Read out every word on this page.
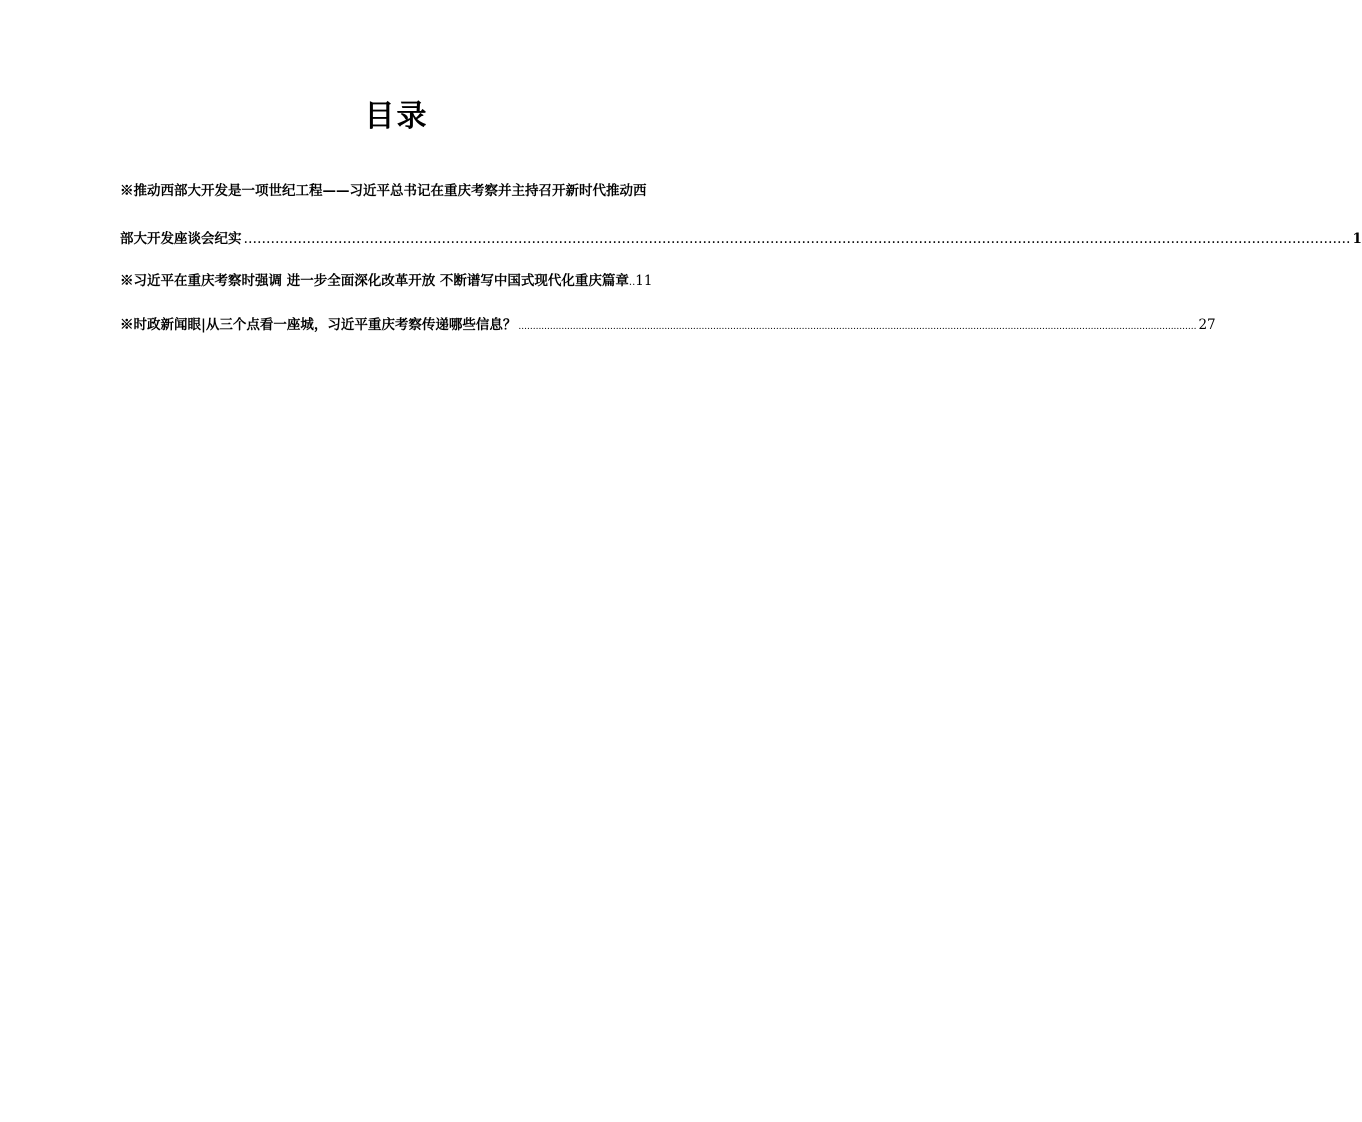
目录
※推动西部大开发是一项世纪工程——习近平总书记在重庆考察并主持召开新时代推动西
部大开发座谈会纪实 …………………………………………………………………………………………………………………………………………………………………………………………………………………………	1
※习近平在重庆考察时强调 进一步全面深化改革开放 不断谱写中国式现代化重庆篇章 .. 11
※时政新闻眼|从三个点看一座城，习近平重庆考察传递哪些信息？ .....	27
